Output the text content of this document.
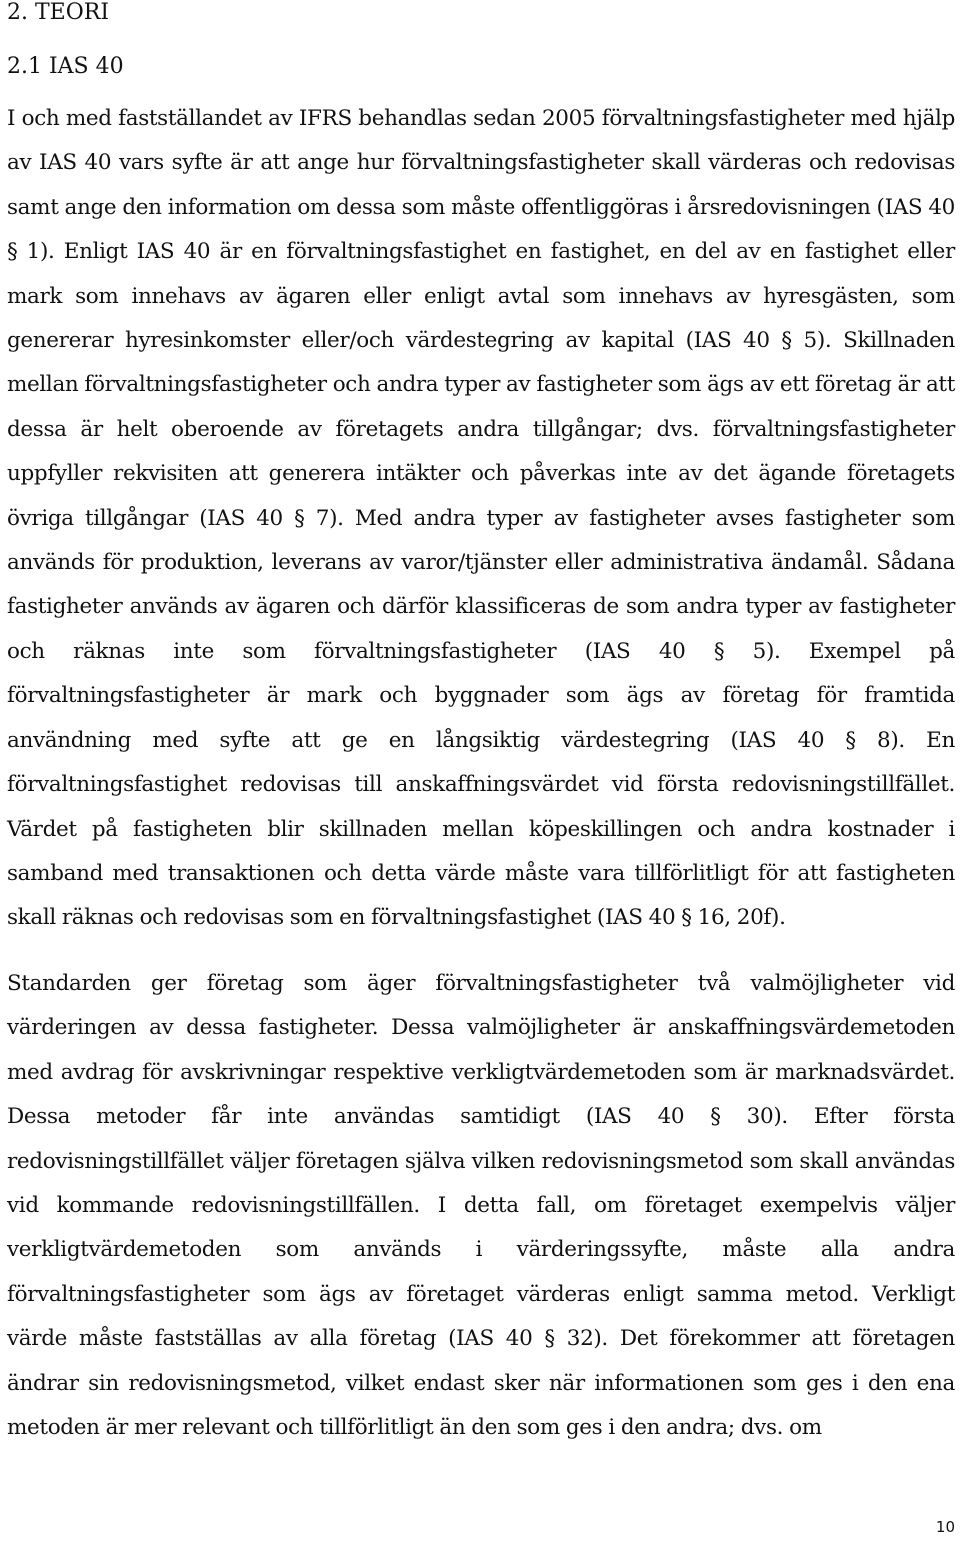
2. TEORI
2.1 IAS 40

I och med fastställandet av IFRS behandlas sedan 2005 förvaltningsfastigheter med hjälp av IAS 40 vars syfte är att ange hur förvaltningsfastigheter skall värderas och redovisas samt ange den information om dessa som måste offentliggöras i årsredovisningen (IAS 40 § 1). Enligt IAS 40 är en förvaltningsfastighet en fastighet, en del av en fastighet eller mark som innehavs av ägaren eller enligt avtal som innehavs av hyresgästen, som genererar hyresinkomster eller/och värdestegring av kapital (IAS 40 § 5). Skillnaden mellan förvaltningsfastigheter och andra typer av fastigheter som ägs av ett företag är att dessa är helt oberoende av företagets andra tillgångar; dvs. förvaltningsfastigheter uppfyller rekvisiten att generera intäkter och påverkas inte av det ägande företagets övriga tillgångar (IAS 40 § 7). Med andra typer av fastigheter avses fastigheter som används för produktion, leverans av varor/tjänster eller administrativa ändamål. Sådana fastigheter används av ägaren och därför klassificeras de som andra typer av fastigheter och räknas inte som förvaltningsfastigheter (IAS 40 § 5). Exempel på förvaltningsfastigheter är mark och byggnader som ägs av företag för framtida användning med syfte att ge en långsiktig värdestegring (IAS 40 § 8). En förvaltningsfastighet redovisas till anskaffningsvärdet vid första redovisningstillfället. Värdet på fastigheten blir skillnaden mellan köpeskillingen och andra kostnader i samband med transaktionen och detta värde måste vara tillförlitligt för att fastigheten skall räknas och redovisas som en förvaltningsfastighet (IAS 40 § 16, 20f).

Standarden ger företag som äger förvaltningsfastigheter två valmöjligheter vid värderingen av dessa fastigheter. Dessa valmöjligheter är anskaffningsvärdemetoden med avdrag för avskrivningar respektive verkligtvärdemetoden som är marknadsvärdet. Dessa metoder får inte användas samtidigt (IAS 40 § 30). Efter första redovisningstillfället väljer företagen själva vilken redovisningsmetod som skall användas vid kommande redovisningstillfällen. I detta fall, om företaget exempelvis väljer verkligtvärdemetoden som används i värderingssyfte, måste alla andra förvaltningsfastigheter som ägs av företaget värderas enligt samma metod. Verkligt värde måste fastställas av alla företag (IAS 40 § 32). Det förekommer att företagen ändrar sin redovisningsmetod, vilket endast sker när informationen som ges i den ena metoden är mer relevant och tillförlitligt än den som ges i den andra; dvs. om

10
